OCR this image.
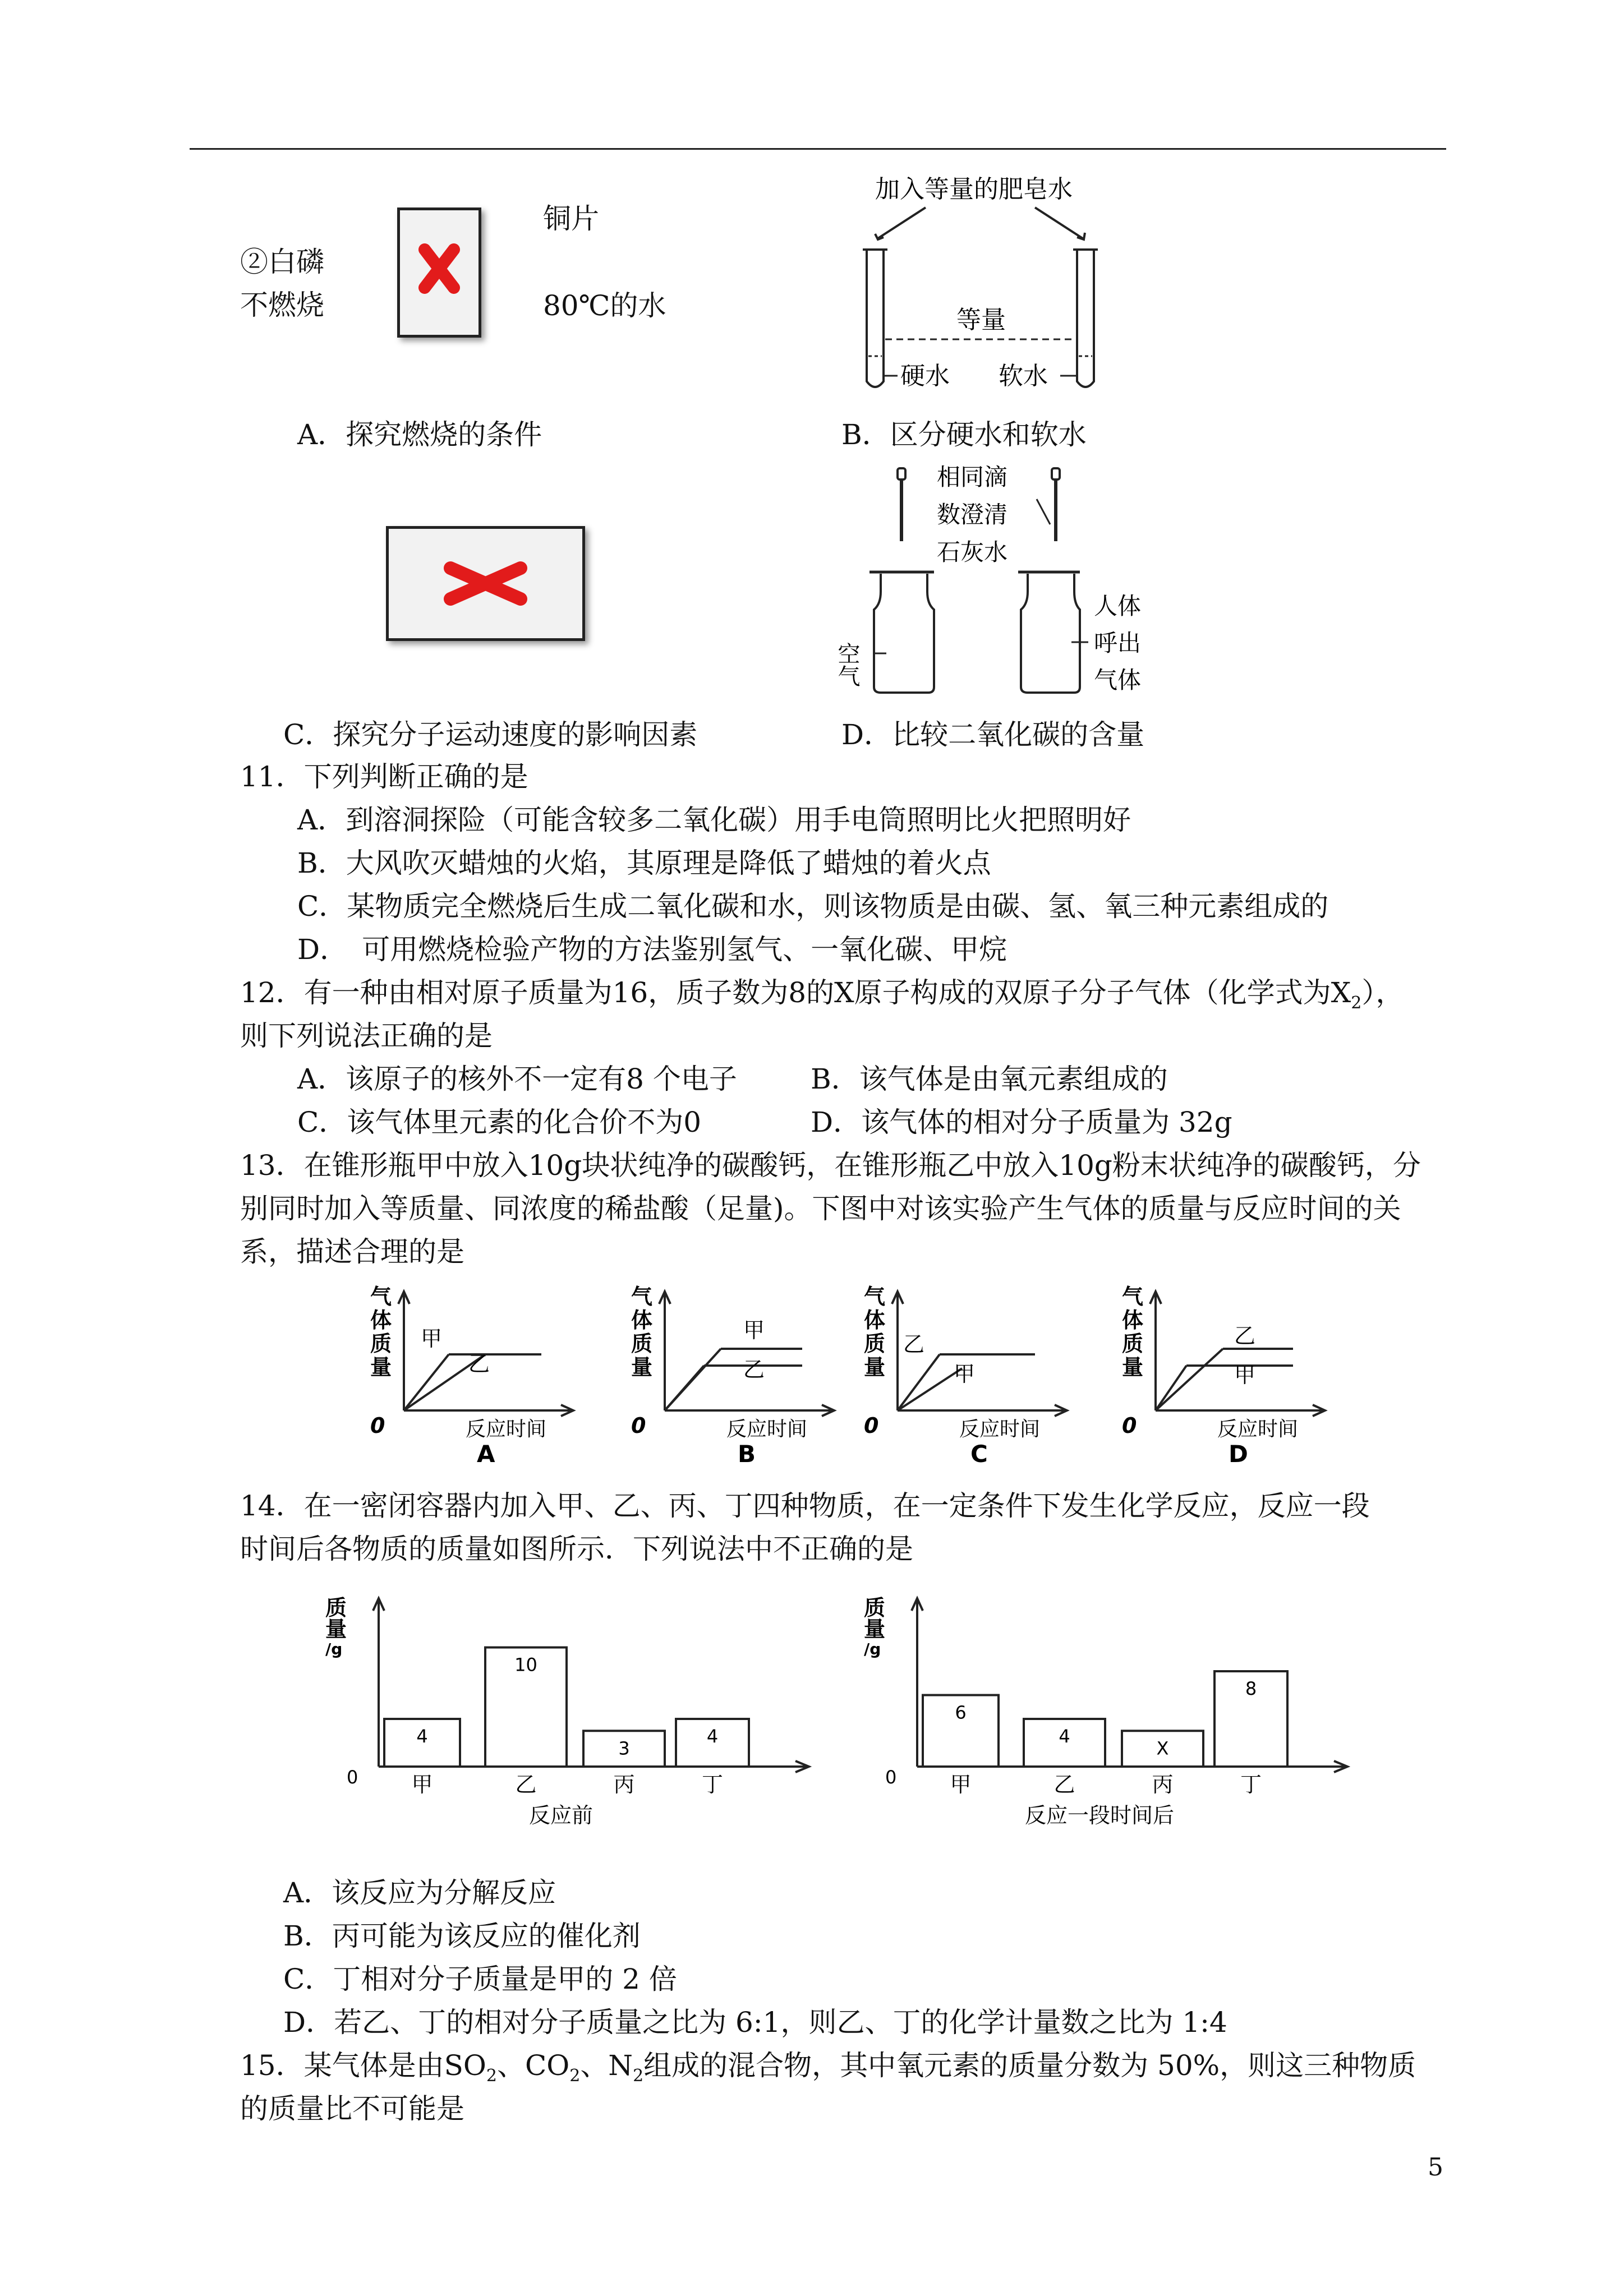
②白磷
不燃烧
铜片
80℃的水
加入等量的肥皂水
等量
硬水 软水
A．探究燃烧的条件	B．区分硬水和软水
相同滴
数澄清
石灰水
空气
人体
呼出
气体
C．探究分子运动速度的影响因素	D．比较二氧化碳的含量
11．下列判断正确的是
A．到溶洞探险（可能含较多二氧化碳）用手电筒照明比火把照明好
B．大风吹灭蜡烛的火焰，其原理是降低了蜡烛的着火点
C．某物质完全燃烧后生成二氧化碳和水，则该物质是由碳、氢、氧三种元素组成的
D．　可用燃烧检验产物的方法鉴别氢气、一氧化碳、甲烷
12．有一种由相对原子质量为16，质子数为8的X原子构成的双原子分子气体（化学式为$X_2$），
则下列说法正确的是
A．该原子的核外不一定有8 个电子	B．该气体是由氧元素组成的
C．该气体里元素的化合价不为0	D．该气体的相对分子质量为 32g
13．在锥形瓶甲中放入10g块状纯净的碳酸钙，在锥形瓶乙中放入10g粉末状纯净的碳酸钙，分
别同时加入等质量、同浓度的稀盐酸（足量)。下图中对该实验产生气体的质量与反应时间的关
系，描述合理的是
气
体
质
量
0	反应时间
甲
乙
A
气
体
质
量
0	反应时间
甲
乙
B
气
体
质
量
0	反应时间
乙
甲
C
气
体
质
量
0	反应时间
乙
甲
D
14．在一密闭容器内加入甲、乙、丙、丁四种物质，在一定条件下发生化学反应，反应一段
时间后各物质的质量如图所示．下列说法中不正确的是
质
量
/g
0
4
甲
10
乙
3
丙
4
丁
反应前
质
量
/g
0
6
甲
4
乙
X
丙
8
丁
反应一段时间后
A．该反应为分解反应
B．丙可能为该反应的催化剂
C．丁相对分子质量是甲的 2 倍
D．若乙、丁的相对分子质量之比为 6:1，则乙、丁的化学计量数之比为 1:4
15．某气体是由$SO_2$、$CO_2$、$N_2$组成的混合物，其中氧元素的质量分数为 50%，则这三种物质
的质量比不可能是
5
